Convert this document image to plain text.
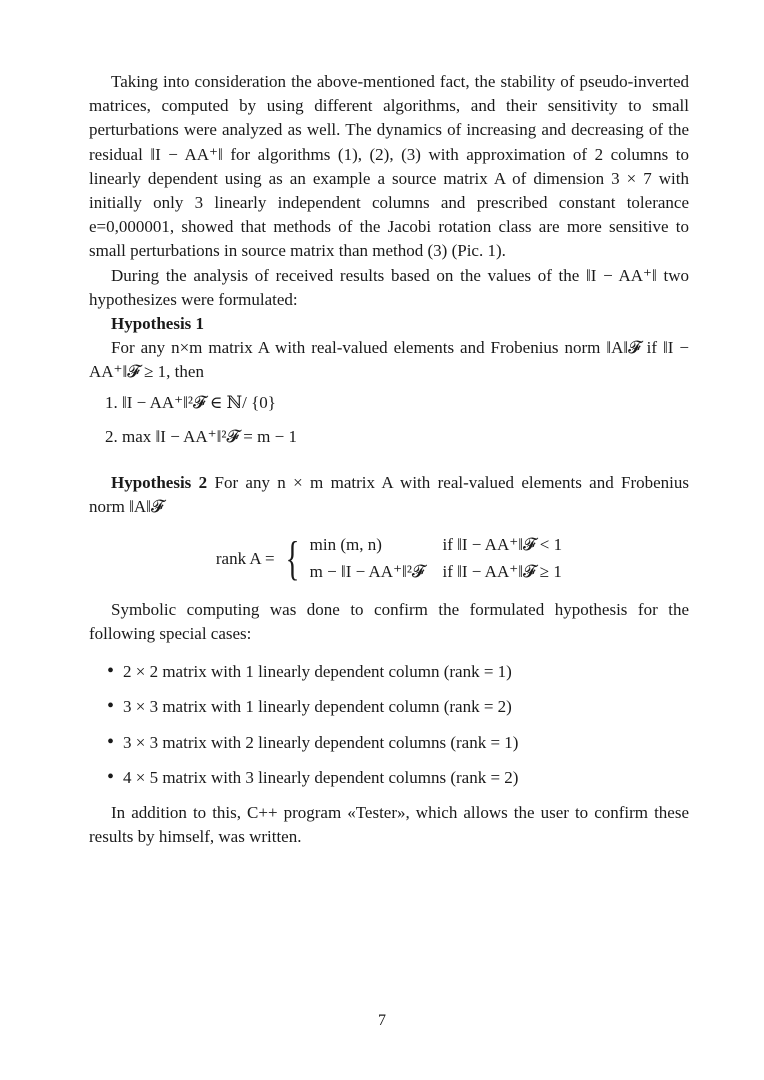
Taking into consideration the above-mentioned fact, the stability of pseudo-inverted matrices, computed by using different algorithms, and their sensitivity to small perturbations were analyzed as well. The dynamics of increasing and decreasing of the residual ‖I − AA⁺‖ for algorithms (1), (2), (3) with approximation of 2 columns to linearly dependent using as an example a source matrix A of dimension 3 × 7 with initially only 3 linearly independent columns and prescribed constant tolerance e=0,000001, showed that methods of the Jacobi rotation class are more sensitive to small perturbations in source matrix than method (3) (Pic. 1).

During the analysis of received results based on the values of the ‖I − AA⁺‖ two hypothesizes were formulated:

Hypothesis 1

For any n×m matrix A with real-valued elements and Frobenius norm ‖A‖𝓕 if ‖I − AA⁺‖𝓕 ≥ 1, then

1. ‖I − AA⁺‖²𝓕 ∈ ℕ/ {0}
2. max ‖I − AA⁺‖²𝓕 = m − 1

Hypothesis 2 For any n × m matrix A with real-valued elements and Frobenius norm ‖A‖𝓕

rank A = { min (m, n)	if ‖I − AA⁺‖𝓕 < 1
m − ‖I − AA⁺‖²𝓕 if ‖I − AA⁺‖𝓕 ≥ 1

Symbolic computing was done to confirm the formulated hypothesis for the following special cases:

• 2 × 2 matrix with 1 linearly dependent column (rank = 1)
• 3 × 3 matrix with 1 linearly dependent column (rank = 2)
• 3 × 3 matrix with 2 linearly dependent columns (rank = 1)
• 4 × 5 matrix with 3 linearly dependent columns (rank = 2)

In addition to this, C++ program «Tester», which allows the user to confirm these results by himself, was written.

7
